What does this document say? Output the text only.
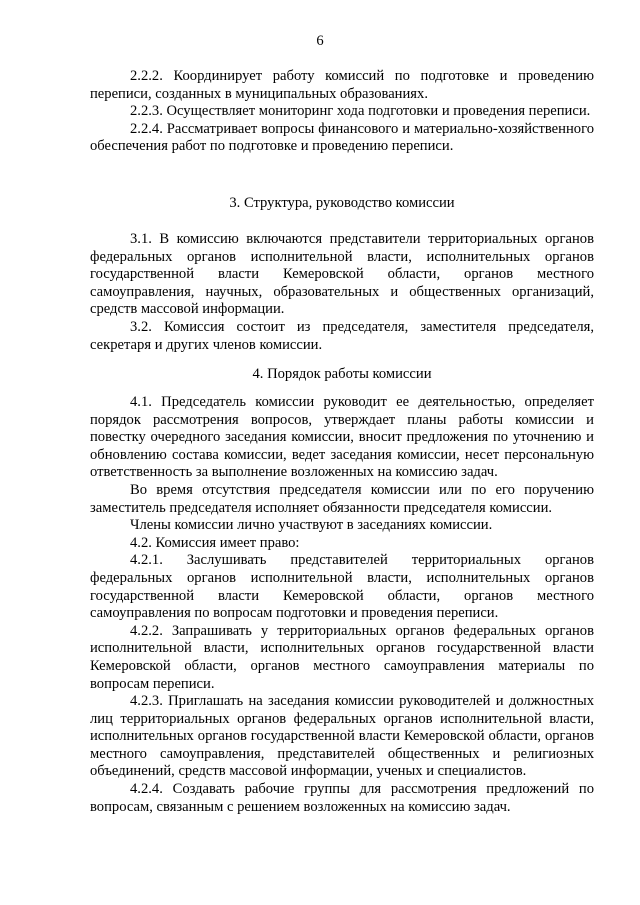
6

2.2.2. Координирует работу комиссий по подготовке и проведению переписи, созданных в муниципальных образованиях.

2.2.3. Осуществляет мониторинг хода подготовки и проведения переписи.

2.2.4. Рассматривает вопросы финансового и материально-хозяйственного обеспечения работ по подготовке и проведению переписи.

3. Структура, руководство комиссии

3.1. В комиссию включаются представители территориальных органов федеральных органов исполнительной власти, исполнительных органов государственной власти Кемеровской области, органов местного самоуправления, научных, образовательных и общественных организаций, средств массовой информации.

3.2. Комиссия состоит из председателя, заместителя председателя, секретаря и других членов комиссии.

4. Порядок работы комиссии

4.1. Председатель комиссии руководит ее деятельностью, определяет порядок рассмотрения вопросов, утверждает планы работы комиссии и повестку очередного заседания комиссии, вносит предложения по уточнению и обновлению состава комиссии, ведет заседания комиссии, несет персональную ответственность за выполнение возложенных на комиссию задач.

Во время отсутствия председателя комиссии или по его поручению заместитель председателя исполняет обязанности председателя комиссии.

Члены комиссии лично участвуют в заседаниях комиссии.

4.2. Комиссия имеет право:

4.2.1. Заслушивать представителей территориальных органов федеральных органов исполнительной власти, исполнительных органов государственной власти Кемеровской области, органов местного самоуправления по вопросам подготовки и проведения переписи.

4.2.2. Запрашивать у территориальных органов федеральных органов исполнительной власти, исполнительных органов государственной власти Кемеровской области, органов местного самоуправления материалы по вопросам переписи.

4.2.3. Приглашать на заседания комиссии руководителей и должностных лиц территориальных органов федеральных органов исполнительной власти, исполнительных органов государственной власти Кемеровской области, органов местного самоуправления, представителей общественных и религиозных объединений, средств массовой информации, ученых и специалистов.

4.2.4. Создавать рабочие группы для рассмотрения предложений по вопросам, связанным с решением возложенных на комиссию задач.
